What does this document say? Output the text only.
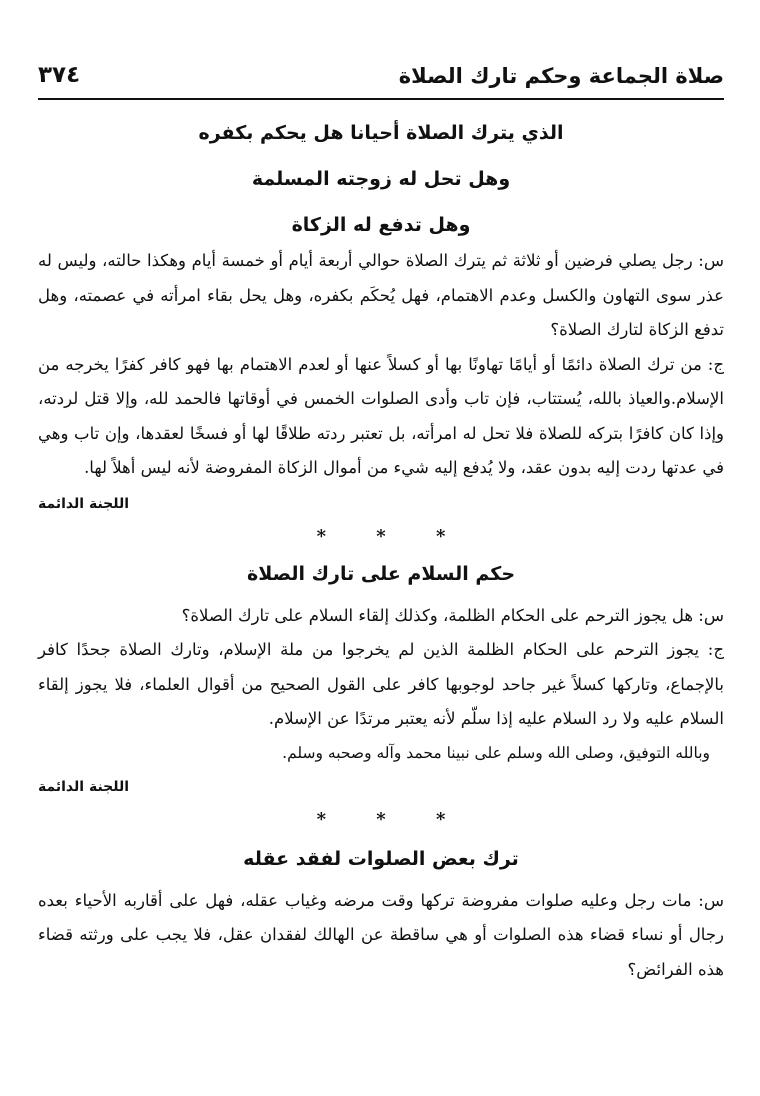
صلاة الجماعة وحكم تارك الصلاة
٣٧٤

الذي يترك الصلاة أحيانا هل يحكم بكفره

وهل تحل له زوجته المسلمة

وهل تدفع له الزكاة

س: رجل يصلي فرضين أو ثلاثة ثم يترك الصلاة حوالي أربعة أيام أو خمسة أيام وهكذا حالته، وليس له عذر سوى التهاون والكسل وعدم الاهتمام، فهل يُحكَم بكفره، وهل يحل بقاء امرأته في عصمته، وهل تدفع الزكاة لتارك الصلاة؟

ج: من ترك الصلاة دائمًا أو أيامًا تهاونًا بها أو كسلاً عنها أو لعدم الاهتمام بها فهو كافر كفرًا يخرجه من الإسلام.والعياذ بالله، يُستتاب، فإن تاب وأدى الصلوات الخمس في أوقاتها فالحمد لله، وإلا قتل لردته، وإذا كان كافرًا بتركه للصلاة فلا تحل له امرأته، بل تعتبر ردته طلاقًا لها أو فسخًا لعقدها، وإن تاب وهي في عدتها ردت إليه بدون عقد، ولا يُدفع إليه شيء من أموال الزكاة المفروضة لأنه ليس أهلاً لها.

اللجنة الدائمة

* * *

حكم السلام على تارك الصلاة

س: هل يجوز الترحم على الحكام الظلمة، وكذلك إلقاء السلام على تارك الصلاة؟

ج: يجوز الترحم على الحكام الظلمة الذين لم يخرجوا من ملة الإسلام، وتارك الصلاة جحدًا كافر بالإجماع، وتاركها كسلاً غير جاحد لوجوبها كافر على القول الصحيح من أقوال العلماء، فلا يجوز إلقاء السلام عليه ولا رد السلام عليه إذا سلّم لأنه يعتبر مرتدًا عن الإسلام.

وبالله التوفيق، وصلى الله وسلم على نبينا محمد وآله وصحبه وسلم.

اللجنة الدائمة

* * *

ترك بعض الصلوات لفقد عقله

س: مات رجل وعليه صلوات مفروضة تركها وقت مرضه وغياب عقله، فهل على أقاربه الأحياء بعده رجال أو نساء قضاء هذه الصلوات أو هي ساقطة عن الهالك لفقدان عقل، فلا يجب على ورثته قضاء هذه الفرائض؟
